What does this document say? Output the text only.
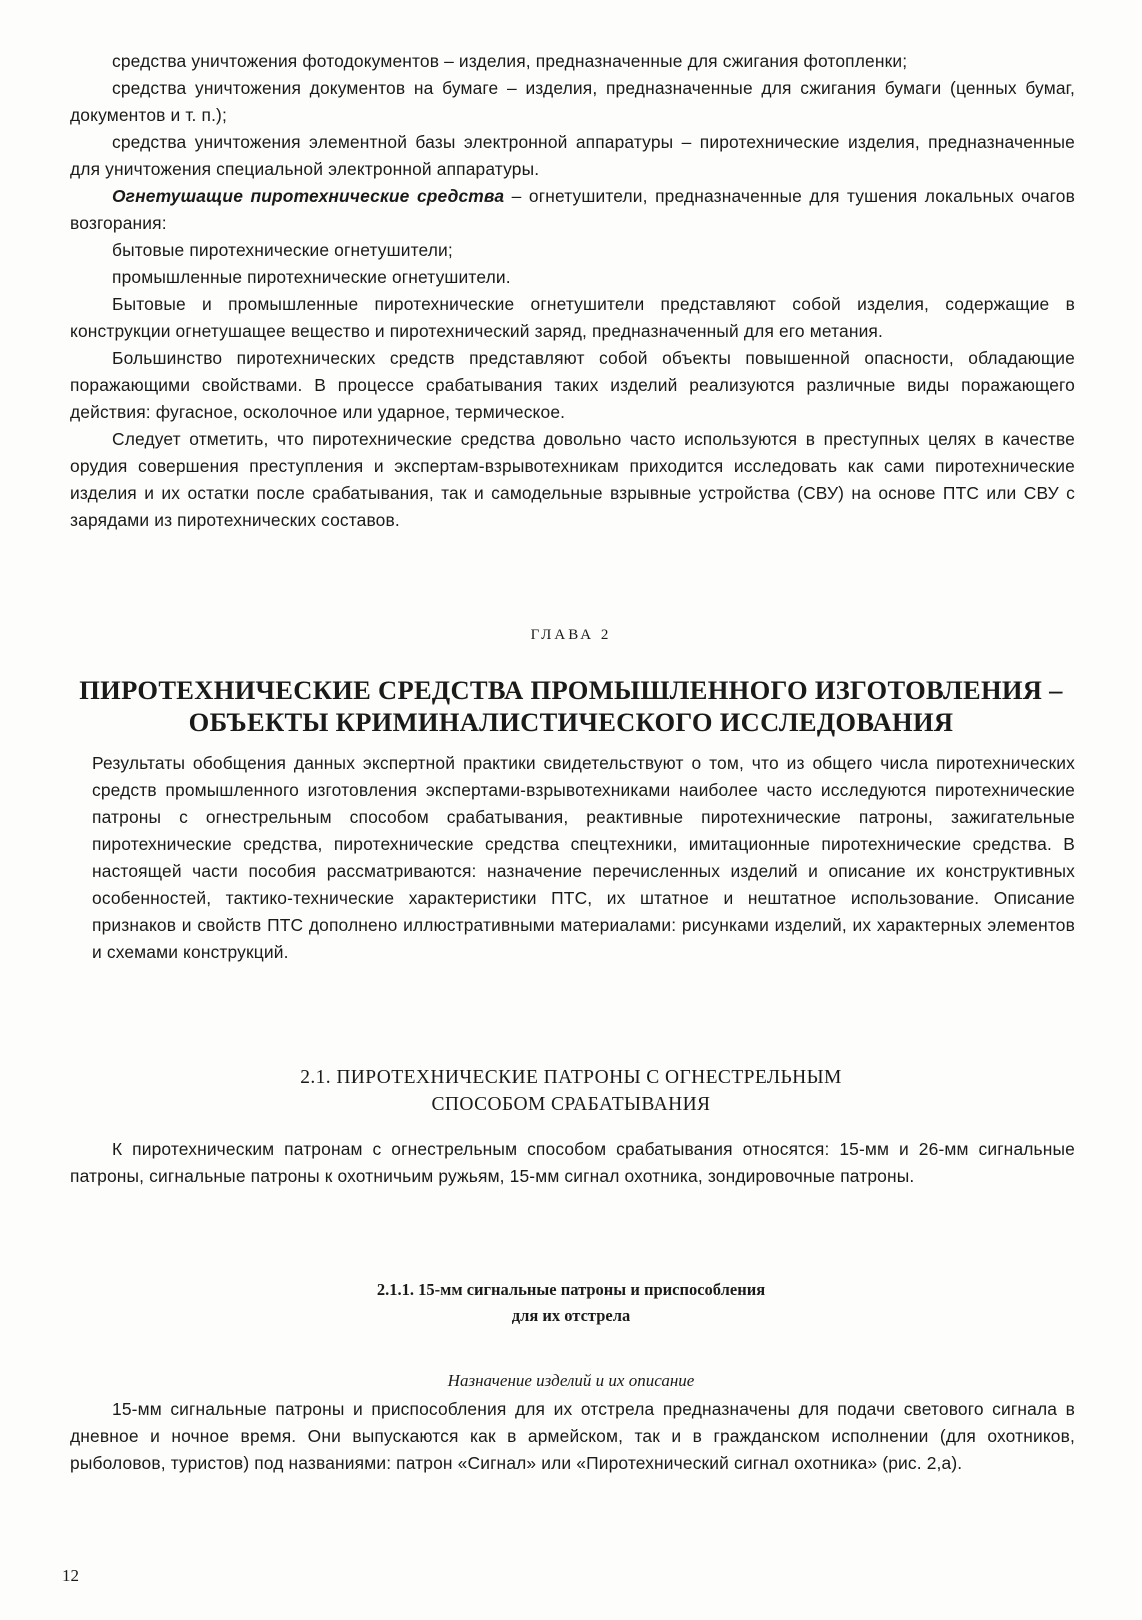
средства уничтожения фотодокументов – изделия, предназначенные для сжигания фотопленки;

средства уничтожения документов на бумаге – изделия, предназначенные для сжигания бумаги (ценных бумаг, документов и т. п.);

средства уничтожения элементной базы электронной аппаратуры – пиротехнические изделия, предназначенные для уничтожения специальной электронной аппаратуры.

Огнетушащие пиротехнические средства – огнетушители, предназначенные для тушения локальных очагов возгорания:

бытовые пиротехнические огнетушители;

промышленные пиротехнические огнетушители.

Бытовые и промышленные пиротехнические огнетушители представляют собой изделия, содержащие в конструкции огнетушащее вещество и пиротехнический заряд, предназначенный для его метания.

Большинство пиротехнических средств представляют собой объекты повышенной опасности, обладающие поражающими свойствами. В процессе срабатывания таких изделий реализуются различные виды поражающего действия: фугасное, осколочное или ударное, термическое.

Следует отметить, что пиротехнические средства довольно часто используются в преступных целях в качестве орудия совершения преступления и экспертам-взрывотехникам приходится исследовать как сами пиротехнические изделия и их остатки после срабатывания, так и самодельные взрывные устройства (СВУ) на основе ПТС или СВУ с зарядами из пиротехнических составов.

ГЛАВА 2
ПИРОТЕХНИЧЕСКИЕ СРЕДСТВА ПРОМЫШЛЕННОГО ИЗГОТОВЛЕНИЯ –
ОБЪЕКТЫ КРИМИНАЛИСТИЧЕСКОГО ИССЛЕДОВАНИЯ

Результаты обобщения данных экспертной практики свидетельствуют о том, что из общего числа пиротехнических средств промышленного изготовления экспертами-взрывотехниками наиболее часто исследуются пиротехнические патроны с огнестрельным способом срабатывания, реактивные пиротехнические патроны, зажигательные пиротехнические средства, пиротехнические средства спецтехники, имитационные пиротехнические средства. В настоящей части пособия рассматриваются: назначение перечисленных изделий и описание их конструктивных особенностей, тактико-технические характеристики ПТС, их штатное и нештатное использование. Описание признаков и свойств ПТС дополнено иллюстративными материалами: рисунками изделий, их характерных элементов и схемами конструкций.

2.1. ПИРОТЕХНИЧЕСКИЕ ПАТРОНЫ С ОГНЕСТРЕЛЬНЫМ
СПОСОБОМ СРАБАТЫВАНИЯ

К пиротехническим патронам с огнестрельным способом срабатывания относятся: 15-мм и 26-мм сигнальные патроны, сигнальные патроны к охотничьим ружьям, 15-мм сигнал охотника, зондировочные патроны.

2.1.1. 15-мм сигнальные патроны и приспособления
для их отстрела
Назначение изделий и их описание

15-мм сигнальные патроны и приспособления для их отстрела предназначены для подачи светового сигнала в дневное и ночное время. Они выпускаются как в армейском, так и в гражданском исполнении (для охотников, рыболовов, туристов) под названиями: патрон «Сигнал» или «Пиротехнический сигнал охотника» (рис. 2,а).

12
